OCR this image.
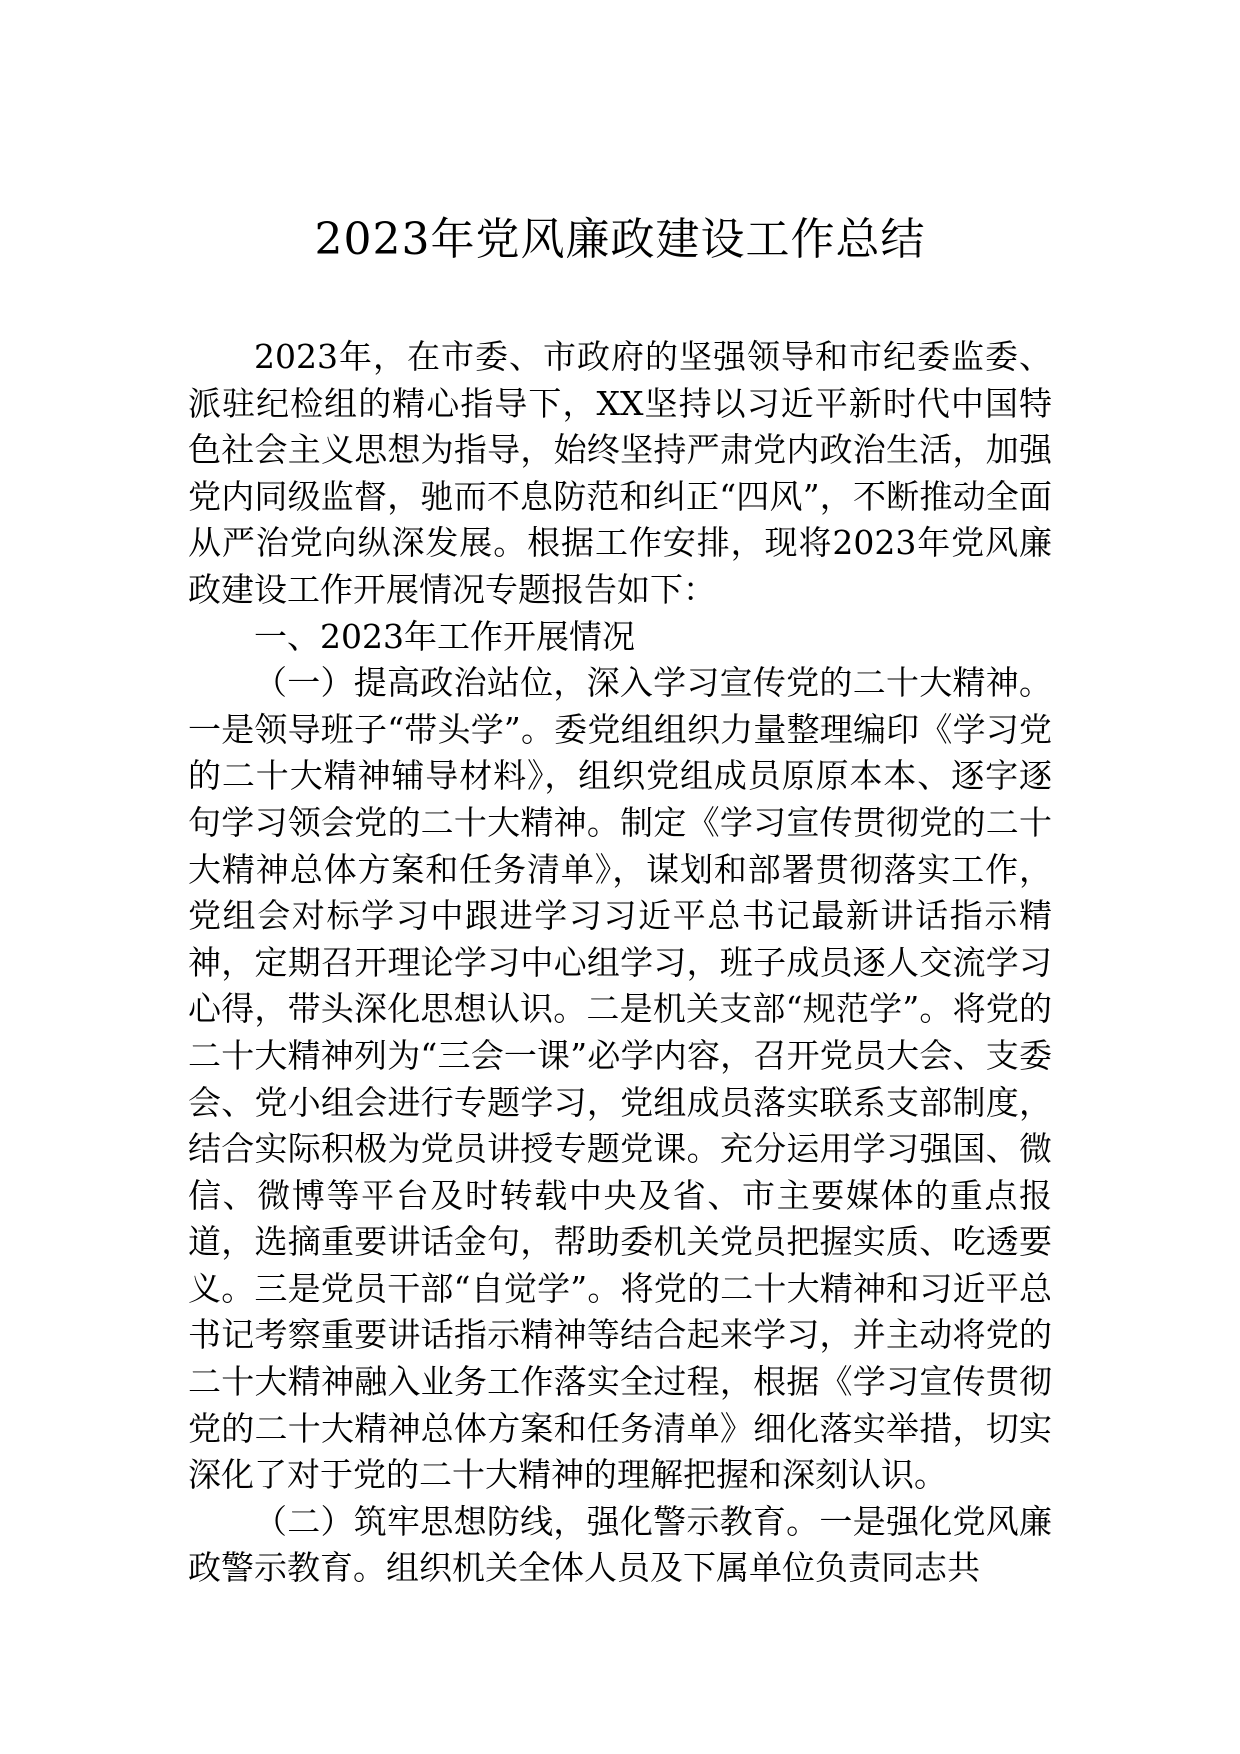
2023年党风廉政建设工作总结

2023年，在市委、市政府的坚强领导和市纪委监委、派驻纪检组的精心指导下，XX坚持以习近平新时代中国特色社会主义思想为指导，始终坚持严肃党内政治生活，加强党内同级监督，驰而不息防范和纠正“四风”，不断推动全面从严治党向纵深发展。根据工作安排，现将2023年党风廉政建设工作开展情况专题报告如下：

一、2023年工作开展情况

（一）提高政治站位，深入学习宣传党的二十大精神。一是领导班子“带头学”。委党组组织力量整理编印《学习党的二十大精神辅导材料》，组织党组成员原原本本、逐字逐句学习领会党的二十大精神。制定《学习宣传贯彻党的二十大精神总体方案和任务清单》，谋划和部署贯彻落实工作，党组会对标学习中跟进学习习近平总书记最新讲话指示精神，定期召开理论学习中心组学习，班子成员逐人交流学习心得，带头深化思想认识。二是机关支部“规范学”。将党的二十大精神列为“三会一课”必学内容，召开党员大会、支委会、党小组会进行专题学习，党组成员落实联系支部制度，结合实际积极为党员讲授专题党课。充分运用学习强国、微信、微博等平台及时转载中央及省、市主要媒体的重点报道，选摘重要讲话金句，帮助委机关党员把握实质、吃透要义。三是党员干部“自觉学”。将党的二十大精神和习近平总书记考察重要讲话指示精神等结合起来学习，并主动将党的二十大精神融入业务工作落实全过程，根据《学习宣传贯彻党的二十大精神总体方案和任务清单》细化落实举措，切实深化了对于党的二十大精神的理解把握和深刻认识。

（二）筑牢思想防线，强化警示教育。一是强化党风廉政警示教育。组织机关全体人员及下属单位负责同志共
